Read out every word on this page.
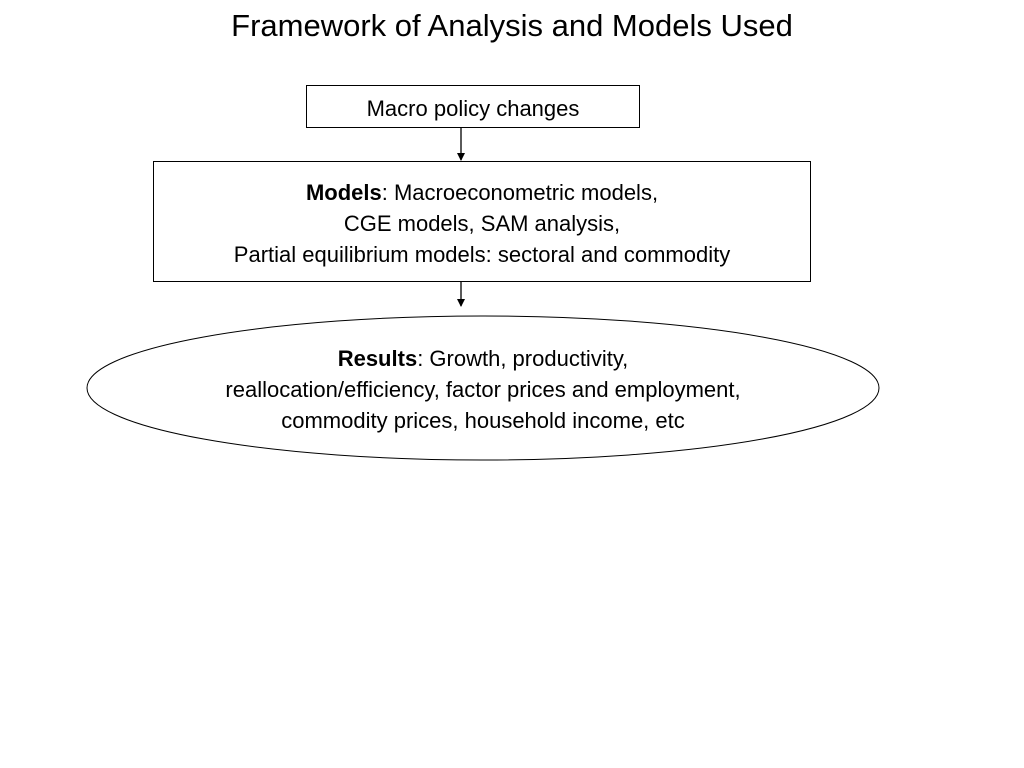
Framework of Analysis and Models Used
Macro policy changes
Models: Macroeconometric models,
CGE models, SAM analysis,
Partial equilibrium models: sectoral and commodity
Results: Growth, productivity,
reallocation/efficiency, factor prices and employment,
commodity prices, household income, etc
